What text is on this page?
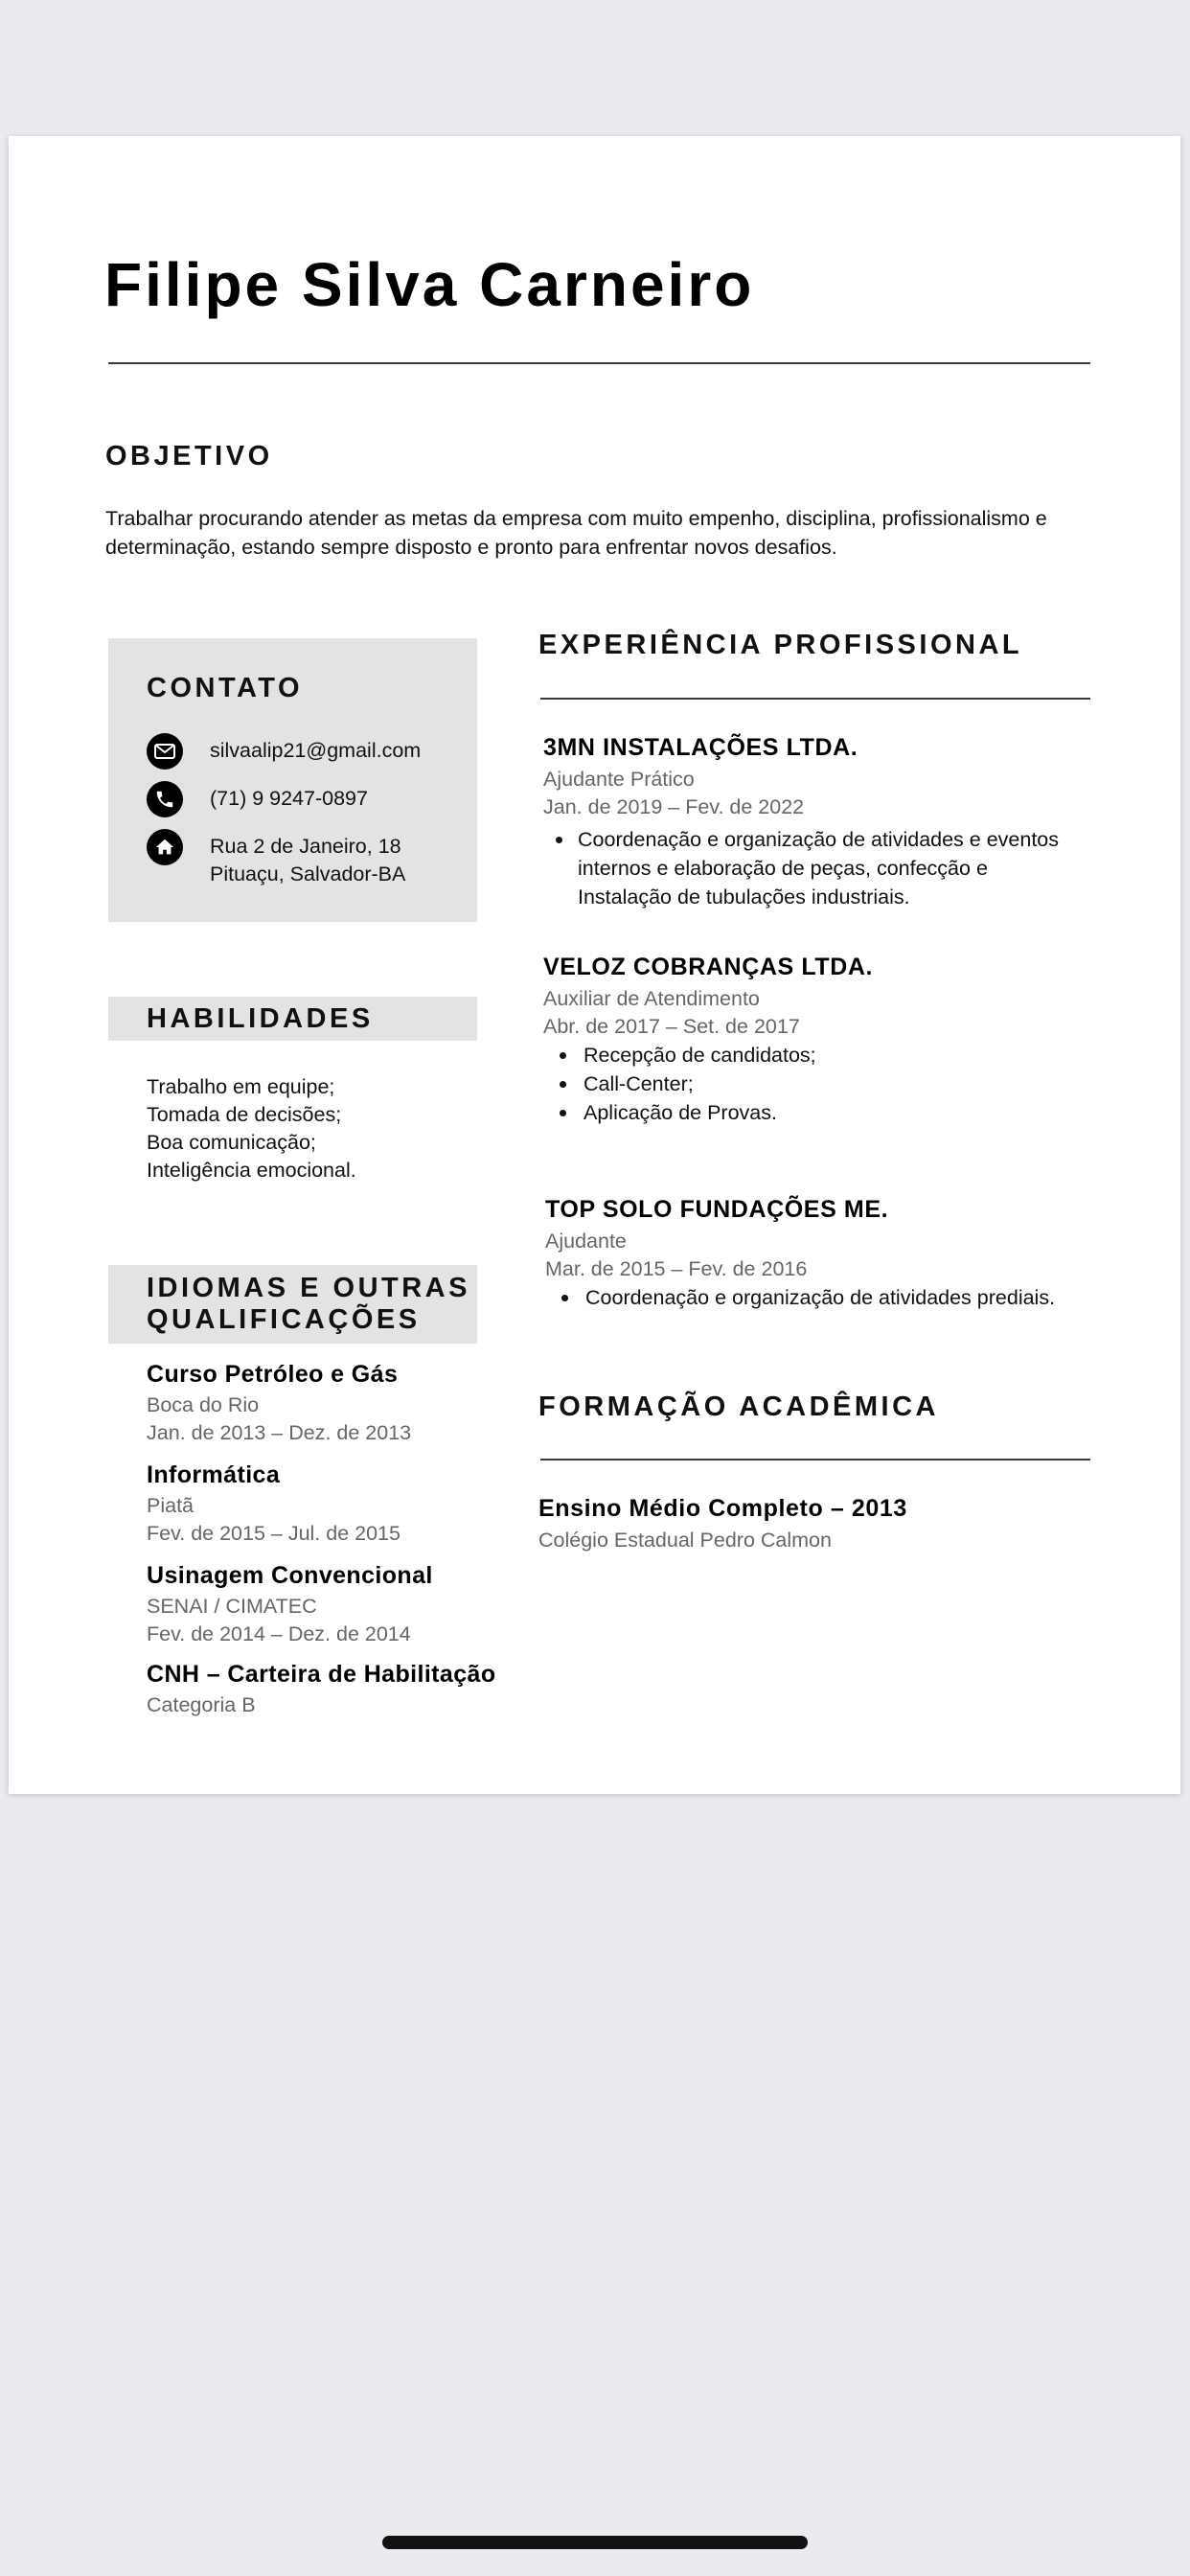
Filipe Silva Carneiro
OBJETIVO
Trabalhar procurando atender as metas da empresa com muito empenho, disciplina, profissionalismo e
determinação, estando sempre disposto e pronto para enfrentar novos desafios.
CONTATO
silvaalip21@gmail.com
(71) 9 9247-0897
Rua 2 de Janeiro, 18
Pituaçu, Salvador-BA
HABILIDADES
Trabalho em equipe;
Tomada de decisões;
Boa comunicação;
Inteligência emocional.
IDIOMAS E OUTRAS
QUALIFICAÇÕES
Curso Petróleo e Gás
Boca do Rio
Jan. de 2013 – Dez. de 2013
Informática
Piatã
Fev. de 2015 – Jul. de 2015
Usinagem Convencional
SENAI / CIMATEC
Fev. de 2014 – Dez. de 2014
CNH – Carteira de Habilitação
Categoria B
EXPERIÊNCIA PROFISSIONAL
3MN INSTALAÇÕES LTDA.
Ajudante Prático
Jan. de 2019 – Fev. de 2022
Coordenação e organização de atividades e eventos
internos e elaboração de peças, confecção e
Instalação de tubulações industriais.
VELOZ COBRANÇAS LTDA.
Auxiliar de Atendimento
Abr. de 2017 – Set. de 2017
Recepção de candidatos;
Call-Center;
Aplicação de Provas.
TOP SOLO FUNDAÇÕES ME.
Ajudante
Mar. de 2015 – Fev. de 2016
Coordenação e organização de atividades prediais.
FORMAÇÃO ACADÊMICA
Ensino Médio Completo – 2013
Colégio Estadual Pedro Calmon
